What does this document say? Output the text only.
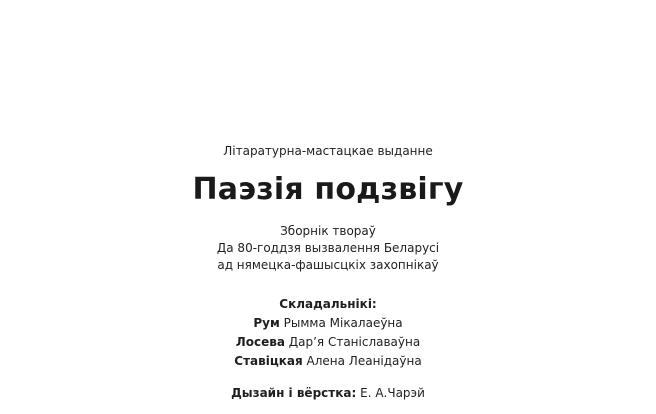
Літаратурна-мастацкае выданне
Паэзія подзвігу
Зборнік твораў
Да 80-годдзя вызвалення Беларусі
ад нямецка-фашысцкіх захопнікаў
Складальнікі:
Рум Рымма Мікалаеўна
Лосева Дар’я Станіславаўна
Ставіцкая Алена Леанідаўна
Дызайн і вёрстка: Е. А.Чарэй
